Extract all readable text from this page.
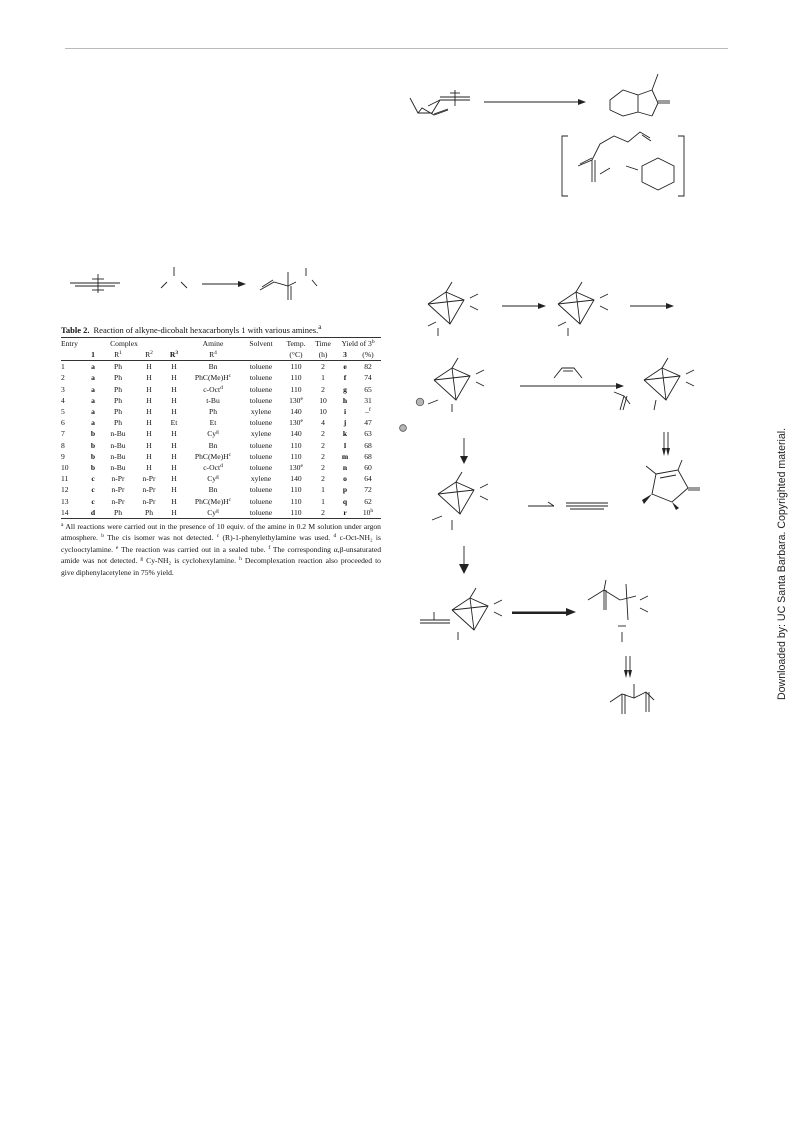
Table 2. Reaction of alkyne-dicobalt hexacarbonyls 1 with various amines.$^a$
Entry	Complex				Amine	Solvent	Temp.	Time	Yield of 3$^b$
	1	$R^1$	$R^2$	$R^3$	$R^4$		(°C)	(h)	3	(%)
1	a	Ph	H	H	Bn	toluene	110	2	e	82
2	a	Ph	H	H	$PhC(Me)H^c$	toluene	110	1	f	74
3	a	Ph	H	H	c-Oct$^d$	toluene	110	2	g	65
4	a	Ph	H	H	t-Bu	toluene	130e	10	h	31
5	a	Ph	H	H	Ph	xylene	140	10	i	–$^f$
6	a	Ph	H	Et	Et	toluene	130e	4	j	47
7	b	n-Bu	H	H	Cy$^g$	xylene	140	2	k	63
8	b	n-Bu	H	H	Bn	toluene	110	2	l	68
9	b	n-Bu	H	H	$PhC(Me)H^c$	toluene	110	2	m	68
10	b	n-Bu	H	H	c-Oct$^d$	toluene	130e	2	n	60
11	c	n-Pr	n-Pr	H	Cy$^g$	xylene	140	2	o	64
12	c	n-Pr	n-Pr	H	Bn	toluene	110	1	p	72
13	c	n-Pr	n-Pr	H	$PhC(Me)H^c$	toluene	110	1	q	62
14	d	Ph	Ph	H	Cy$^g$	toluene	110	2	r	10$^h$
$^a$ All reactions were carried out in the presence of 10 equiv. of the amine in 0.2 M solution under argon atmosphere. $^b$ The cis isomer was not detected. $^c$ (R)-1-phenylethylamine was used. $^d$ c-Oct-NH₂ is cyclooctylamine. $^e$ The reaction was carried out in a sealed tube. $^f$ The corresponding α,β-unsaturated amide was not detected. $^g$ Cy-NH₂ is cyclohexylamine. $^h$ Decomplexation reaction also proceeded to give diphenylacetylene in 75% yield.	Downloaded by: UC Santa Barbara. Copyrighted material.
